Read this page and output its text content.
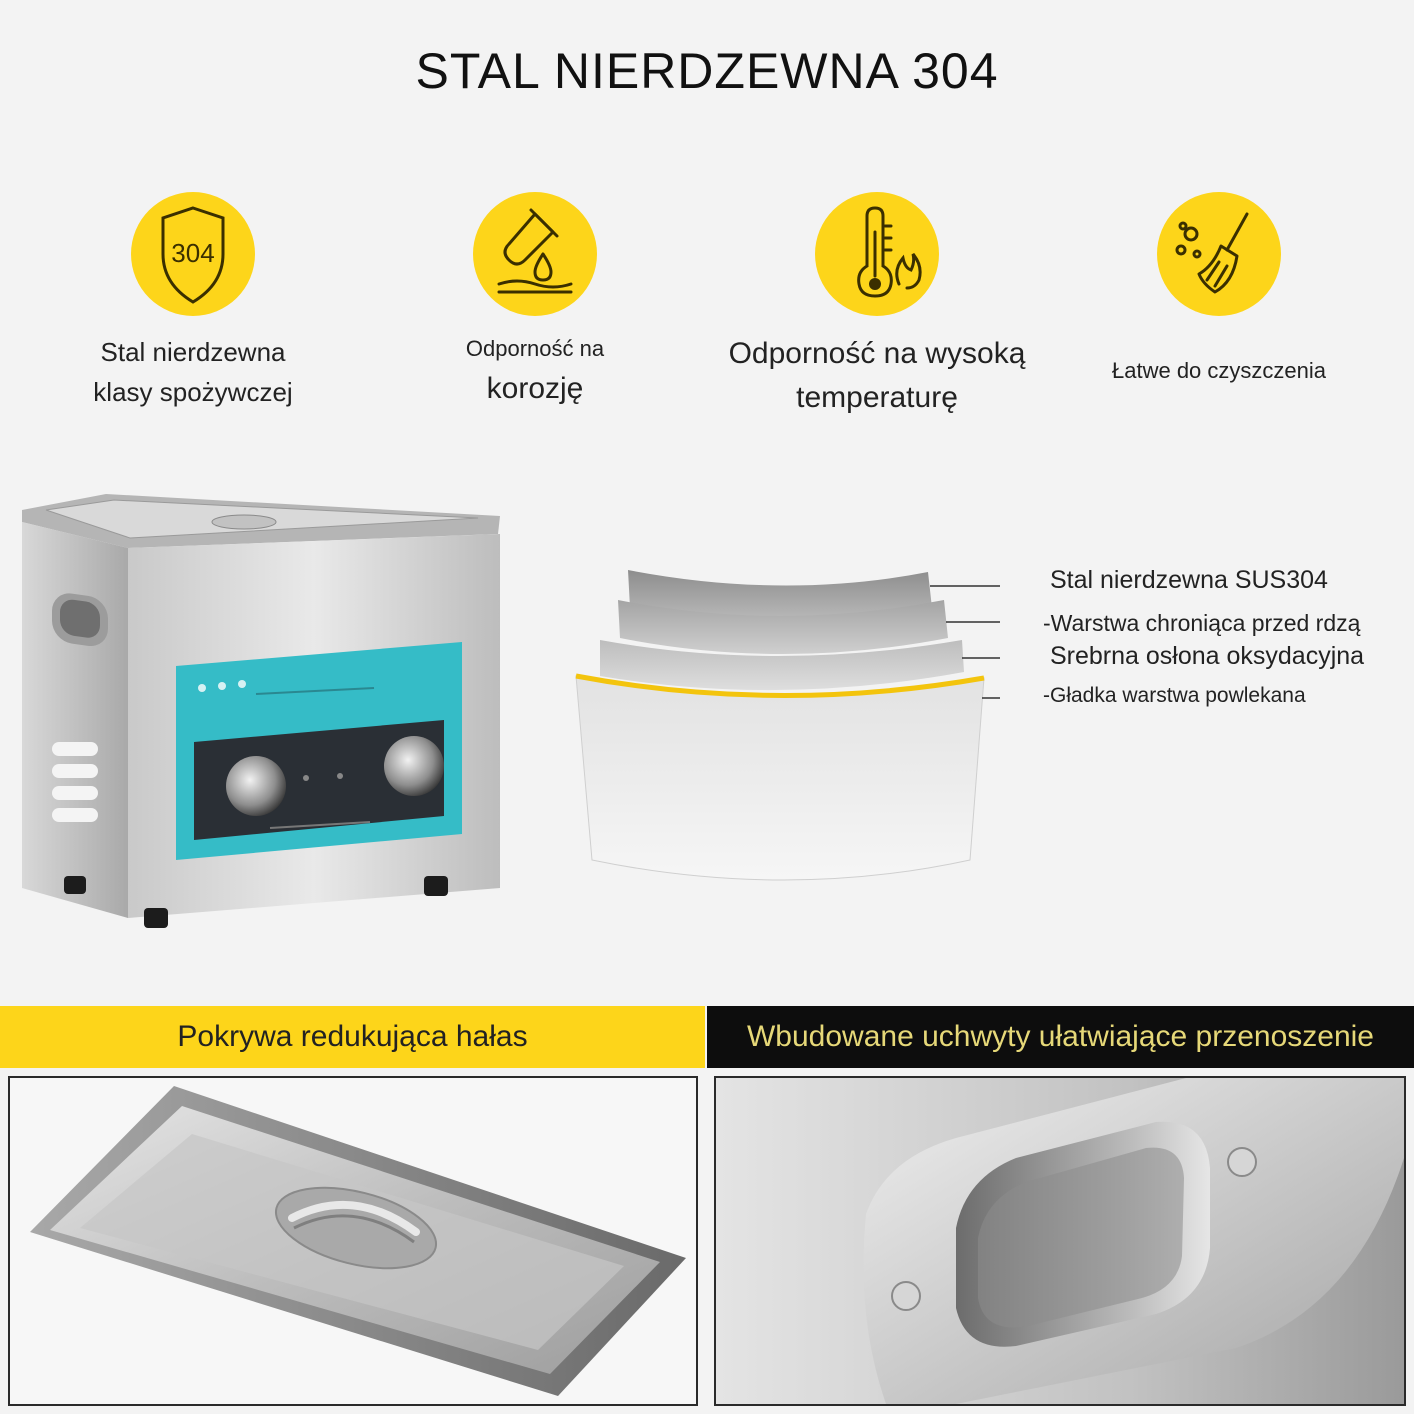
STAL NIERDZEWNA 304
304
Stal nierdzewna
klasy spożywczej
Odporność na
korozję
Odporność na wysoką
temperaturę
Łatwe do czyszczenia
Stal nierdzewna SUS304
-Warstwa chroniąca przed rdzą
Srebrna osłona oksydacyjna
-Gładka warstwa powlekana
Pokrywa redukująca hałas	Wbudowane uchwyty ułatwiające przenoszenie
